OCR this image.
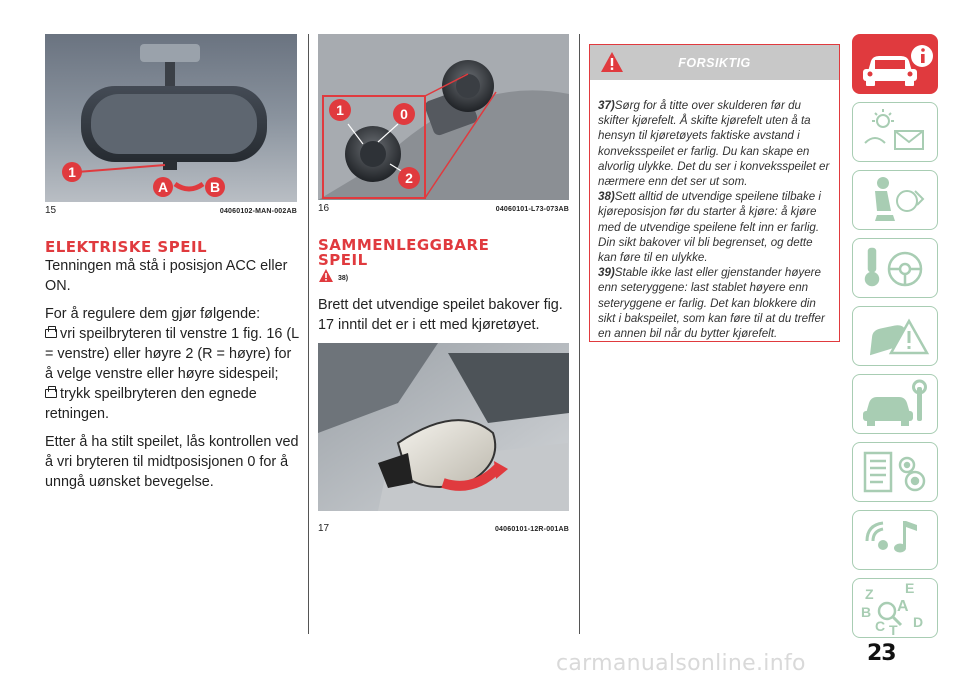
1
A	B
15	04060102-MAN-002AB
ELEKTRISKE SPEIL

Tenningen må stå i posisjon ACC eller ON.

For å regulere dem gjør følgende:
vri speilbryteren til venstre 1 fig. 16 (L = venstre) eller høyre 2 (R = høyre) for å velge venstre eller høyre sidespeil;

trykk speilbryteren den egnede retningen.

Etter å ha stilt speilet, lås kontrollen ved å vri bryteren til midtposisjonen 0 for å unngå uønsket bevegelse.

1	0
2
16	04060101-L73-073AB
SAMMENLEGGBARE SPEIL
38)

Brett det utvendige speilet bakover fig. 17 inntil det er i ett med kjøretøyet.

17	04060101-12R-001AB
FORSIKTIG
37)Sørg for å titte over skulderen før du skifter kjørefelt. Å skifte kjørefelt uten å ta hensyn til kjøretøyets faktiske avstand i konveksspeilet er farlig. Du kan skape en alvorlig ulykke. Det du ser i konveksspeilet er nærmere enn det ser ut som.
38)Sett alltid de utvendige speilene tilbake i kjøreposisjon før du starter å kjøre: å kjøre med de utvendige speilene felt inn er farlig. Din sikt bakover vil bli begrenset, og dette kan føre til en ulykke.
39)Stable ikke last eller gjenstander høyere enn seteryggene: last stablet høyere enn seteryggene er farlig. Det kan blokkere din sikt i bakspeilet, som kan føre til at du treffer en annen bil når du bytter kjørefelt.
Z E
A
B
C T D
23
carmanualsonline.info
